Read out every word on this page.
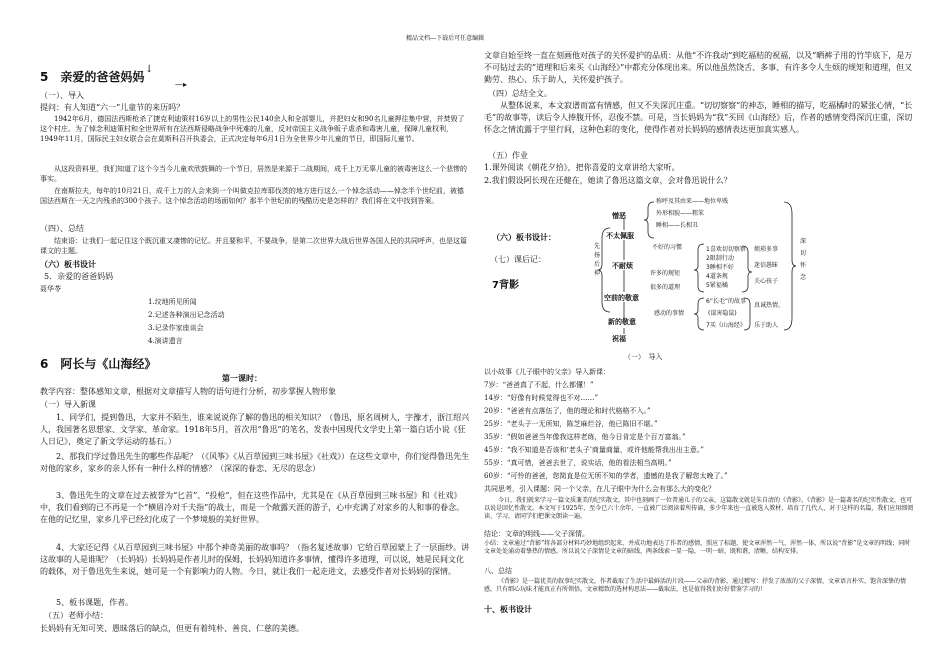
精品文档---下载后可任意编辑
5　亲爱的爸爸妈妈
↓
—▸
（一）、导入
提问：有人知道“六一”儿童节的来历吗？
1942年6月，德国法西斯枪杀了捷克利迪策村16岁以上的男性公民140余人和全部婴儿，并把妇女和90名儿童押往集中营，并焚毁了这个村庄。为了悼念利迪策村和全世界所有在法西斯侵略战争中死难的儿童，反对帝国主义战争贩子虐杀和毒害儿童，保障儿童权利，1949年11月，国际民主妇女联合会在莫斯科召开执委会，正式决定每年6月1日为全世界少年儿童的节日，即国际儿童节。
从这段资料里，我们知道了这个今当今儿童欢欣鼓舞的一个节日，居然是来源于二战期间，成千上万无辜儿童的被毒害这么一个悲惨的事实。
在南斯拉夫，每年的10月21日，成千上万的人会来到一个叫做克拉库耶伐茨的地方进行这么一个悼念活动——悼念半个世纪前，被德国法西斯在一天之内残杀的300个孩子。这个悼念活动的场面如何？那半个世纪前的残酷历史是怎样的？我们将在文中找到答案。
（四）、总结
结束语：让我们一起记住这个既沉重又凄惨的记忆。并且要和平，不要战争，是第二次世界大战后世界各国人民的共同呼声，也是这篇课文的主题。
（六）板书设计
5．亲爱的爸爸妈妈
聂华苓
1.坟地所见所闻
2.记述各种演出记念活动
3.记录作家座谈会
4.演讲遗言
6　阿长与《山海经》
第一课时：
教学内容：整体感知文章，根据对文章描写人物的语句进行分析，初步掌握人物形象
（一）导入新课
1、同学们，提到鲁迅，大家并不陌生，谁来说说你了解的鲁迅的相关知识？（鲁迅，原名周树人，字豫才，浙江绍兴人，我国著名思想家、文学家、革命家。1918年5月，首次用“鲁迅”的笔名，发表中国现代文学史上第一篇白话小说《狂人日记》，奠定了新文学运动的基石。）
2、那我们学过鲁迅先生的哪些作品呢？（《风筝》《从百草园到三味书屋》《社戏》）在这些文章中，你们觉得鲁迅先生对他的家乡，家乡的亲人怀有一种什么样的情感？（深深的眷恋、无尽的思念）
3、鲁迅先生的文章在过去被誉为“匕首”、“投枪”，但在这些作品中，尤其是在《从百草园到三味书屋》和《社戏》中，我们看到的已不再是一个“横眉冷对千夫指”的战士，而是一个敞露天涯的游子，心中充满了对家乡的人和事的眷念。在他的记忆里，家乡几乎已经幻化成了一个梦境般的美好世界。
4、大家还记得《从百草园到三味书屋》中那个神奇美丽的故事吗？（指名复述故事）它给百草园蒙上了一层面纱。讲这故事的人是谁呢？（长妈妈）长妈妈是作者儿时的保姆，长妈妈知道许多事情，懂得许多道理，可以说，她是民间文化的载体，对于鲁迅先生来说，她可是一个有影响力的人物。今日，就让我们一起走进文，去感受作者对长妈妈的深情。
5、板书课题，作者。
（五）老师小结：
长妈妈有无知可笑、愚昧落后的缺点，但更有着纯朴、善良、仁慈的美德。
文章自始至终一直在刻画他对孩子的关怀爱护的品质：从他“不许我动”到吃福桔的祝福，以及“晒裤子用的竹竿底下，是万不可钻过去的”道理和后来买《山海经》”中都充分体现出来。所以他虽然饶舌、多事、有许多令人生烦的规矩和道理，但又勤劳、热心、乐于助人，关怀爱护孩子。
（四）总结全文。
从整体说来，本文寂谱而富有情感，但又不失深沉庄重。“切切察察”的神态，睡相的描写，吃福橘时的紧张心情，“长毛”的故事等，读后令人捧腹开怀，忍俊不禁。可是，当长妈妈为“我”买回《山海经》后，作者的感情变得深沉庄重，深切怀念之情流露于字里行间，这种色彩的变化，使得作者对长妈妈的感情表达更加真实感人。
（五）作业
1.课外阅读《朝花夕拾》，把你喜爱的文章讲给大家听。
2.我们假设阿长现在还健在，她读了鲁迅这篇文章，会对鲁迅说什么？
（六）板书设计：
（七）课后记：
7背影
先扬后抑
憎恶
称呼及其由来——地位卑贱
外形相貌——粗笨
睡相——长相丑
不太佩服
不好的习惯	1喜欢切切察察
2限制行动
3睡相不好
4道条规
5紧福橘
烦琐多事
迷信愚昧
关心孩子
不耐烦
许多的规矩
很多的道理
空前的敬意	6“长毛”的故事
(谋害隐鼠)
7买《山海经》
感动的事情
真诚热情、
乐于助人
新的敬意
祝福
深
切
怀
念
（一）　导入
以小故事《儿子眼中的父亲》导入新课：
7岁：“爸爸真了不起，什么都懂！”
14岁：“好像有时候觉得也不对……”
20岁：“爸爸有点落伍了，他的理论和时代格格不入。”
25岁：“老头子一无所知，陈芝麻烂谷，他已陈旧不堪。”
35岁：“假如爸爸当年像我这样老练，他今日肯定是个百万富翁。”
45岁：“我不知道是否该和‘老头子’商量商量，或许他能帮我出出主意。”
55岁：“真可惜，爸爸去世了，说实话，他的看法相当高明。”
60岁：“可怜的爸爸，您简直是位无所不知的学者，遗憾的是我了解您太晚了。”
共同思考，引入课题：同一个父亲，在儿子眼中为什么会有那么大的变化？
今日，我们就来学习一篇文质兼美的纪实散文，其中也刻画了一位普通儿子的父亲，这篇散文就是朱自清的《背影》。《背影》是一篇著名的纪实性散文，也可以说是回忆性散文。本文写于1925年，至今已六十余年，一直被广泛阅读着所传诵，多少年来也一直被选入教材，培育了几代人，对于这样的名篇，我们应用细阅读、学习，请同学们把课文朗读一遍。
结论：文章的明线——父子深情。
小结：文章通过“背影”将各部分材料巧妙地组织起来，并成功地表达了作者的感情，照应了标题，使文章浑然一气，浑然一体，所以说“背影”是文章的明线；同时文章处处涌动着挚热的情感，所以说父子深情是文章的暗线，两条线索一显一隐，一明一暗，既和谐，清晰，结构安排。
八、总结
《背影》是一篇优美的叙事纪实散文。作者截取了生活中最鲜活的片段——父亲的背影，通过精写：抒发了浓浓的父子深情，文章语言朴实，饱含深挚的情感，只有细心玩味才能真正有所领悟。文章精致的选材构思法——截取法，也是值得我们好好借鉴学习的！
十、板书设计
